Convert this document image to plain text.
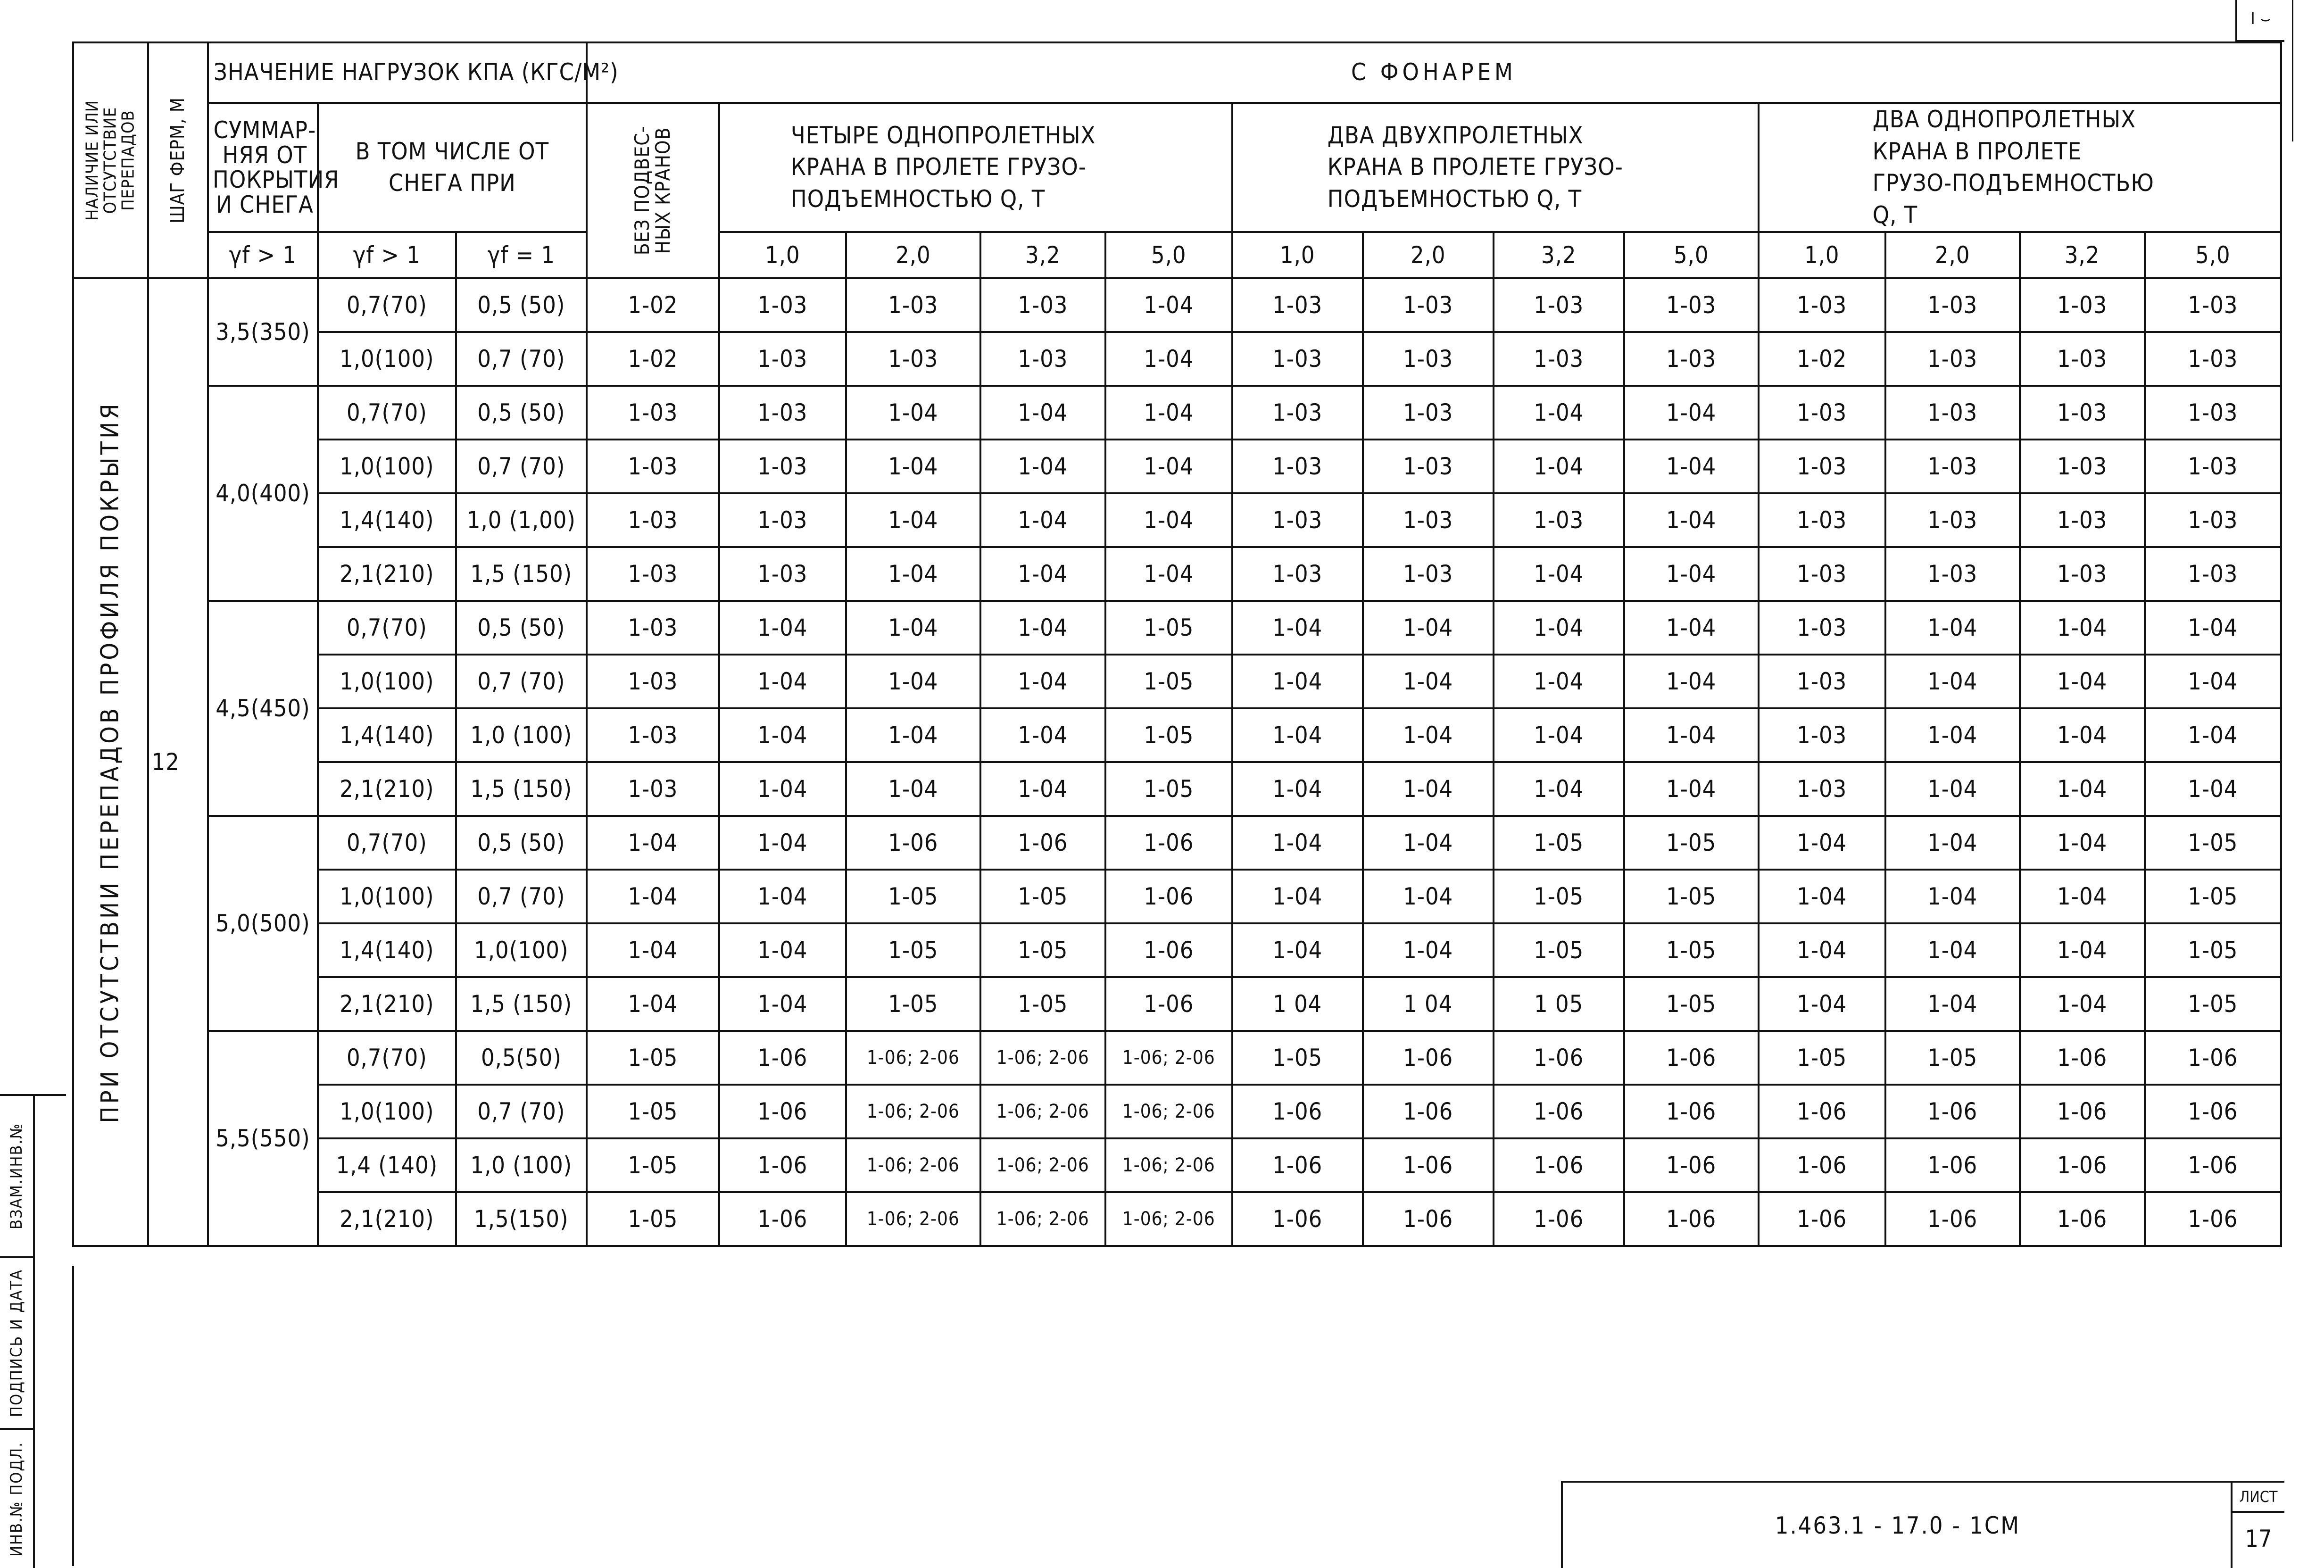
НАЛИЧИЕ ИЛИ ОТСУТСТВИЕ ПЕРЕПАДОВ	ШАГ ФЕРМ, М	ЗНАЧЕНИЕ НАГРУЗОК КПА (КГС/М²)			С ФОНАРЕМ												
		СУММАР-НЯЯ ОТ ПОКРЫТИЯ И СНЕГА	В ТОМ ЧИСЛЕ ОТ СНЕГА ПРИ		БЕЗ ПОДВЕС-НЫХ КРАНОВ	ЧЕТЫРЕ ОДНОПРОЛЕТНЫХ КРАНА В ПРОЛЕТЕ ГРУЗО-ПОДЪЕМНОСТЬЮ Q, Т				ДВА ДВУХПРОЛЕТНЫХ КРАНА В ПРОЛЕТЕ ГРУЗО-ПОДЪЕМНОСТЬЮ Q, Т				ДВА ОДНОПРОЛЕТНЫХ КРАНА В ПРОЛЕТЕ ГРУЗО-ПОДЪЕМНОСТЬЮ Q, Т			
		γf > 1	γf > 1	γf = 1		1,0	2,0	3,2	5,0	1,0	2,0	3,2	5,0	1,0	2,0	3,2	5,0

ПРИ ОТСУТСТВИИ ПЕРЕПАДОВ ПРОФИЛЯ ПОКРЫТИЯ	12	3,5(350)	0,7(70)	0,5 (50)	1-02	1-03	1-03	1-03	1-04	1-03	1-03	1-03	1-03	1-03	1-03	1-03	1-03
			1,0(100)	0,7 (70)	1-02	1-03	1-03	1-03	1-04	1-03	1-03	1-03	1-03	1-02	1-03	1-03	1-03
		4,0(400)	0,7(70)	0,5 (50)	1-03	1-03	1-04	1-04	1-04	1-03	1-03	1-04	1-04	1-03	1-03	1-03	1-03
			1,0(100)	0,7 (70)	1-03	1-03	1-04	1-04	1-04	1-03	1-03	1-04	1-04	1-03	1-03	1-03	1-03
			1,4(140)	1,0 (1,00)	1-03	1-03	1-04	1-04	1-04	1-03	1-03	1-03	1-04	1-03	1-03	1-03	1-03
			2,1(210)	1,5 (150)	1-03	1-03	1-04	1-04	1-04	1-03	1-03	1-04	1-04	1-03	1-03	1-03	1-03
		4,5(450)	0,7(70)	0,5 (50)	1-03	1-04	1-04	1-04	1-05	1-04	1-04	1-04	1-04	1-03	1-04	1-04	1-04
			1,0(100)	0,7 (70)	1-03	1-04	1-04	1-04	1-05	1-04	1-04	1-04	1-04	1-03	1-04	1-04	1-04
			1,4(140)	1,0 (100)	1-03	1-04	1-04	1-04	1-05	1-04	1-04	1-04	1-04	1-03	1-04	1-04	1-04
			2,1(210)	1,5 (150)	1-03	1-04	1-04	1-04	1-05	1-04	1-04	1-04	1-04	1-03	1-04	1-04	1-04
		5,0(500)	0,7(70)	0,5 (50)	1-04	1-04	1-06	1-06	1-06	1-04	1-04	1-05	1-05	1-04	1-04	1-04	1-05
			1,0(100)	0,7 (70)	1-04	1-04	1-05	1-05	1-06	1-04	1-04	1-05	1-05	1-04	1-04	1-04	1-05
			1,4(140)	1,0(100)	1-04	1-04	1-05	1-05	1-06	1-04	1-04	1-05	1-05	1-04	1-04	1-04	1-05
			2,1(210)	1,5 (150)	1-04	1-04	1-05	1-05	1-06	1 04	1 04	1 05	1-05	1-04	1-04	1-04	1-05
		5,5(550)	0,7(70)	0,5(50)	1-05	1-06	1-06; 2-06	1-06; 2-06	1-06; 2-06	1-05	1-06	1-06	1-06	1-05	1-05	1-06	1-06
			1,0(100)	0,7 (70)	1-05	1-06	1-06; 2-06	1-06; 2-06	1-06; 2-06	1-06	1-06	1-06	1-06	1-06	1-06	1-06	1-06
			1,4 (140)	1,0 (100)	1-05	1-06	1-06; 2-06	1-06; 2-06	1-06; 2-06	1-06	1-06	1-06	1-06	1-06	1-06	1-06	1-06
			2,1(210)	1,5(150)	1-05	1-06	1-06; 2-06	1-06; 2-06	1-06; 2-06	1-06	1-06	1-06	1-06	1-06	1-06	1-06	1-06
1.463.1 - 17.0 - 1СМ
ЛИСТ
17
ВЗАМ.ИНВ.№
ПОДПИСЬ И ДАТА
ИНВ.№ ПОДЛ.
Ⅰ ⌣
